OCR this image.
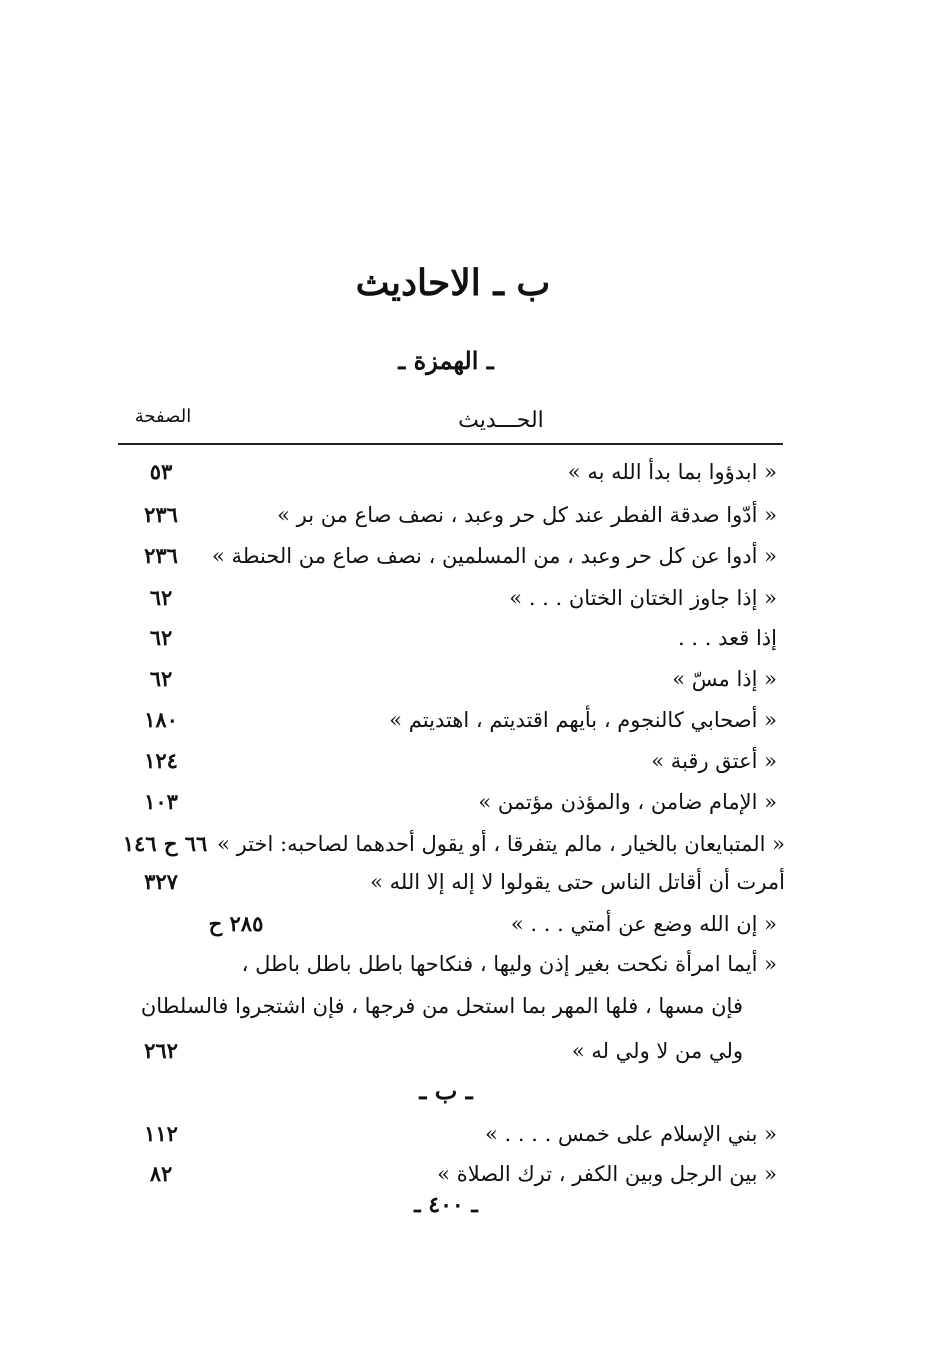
ب ـ الاحاديث
ـ الهمزة ـ
الصفحة	الحـــديث
« ابدؤوا بما بدأ الله به »
٥٣
« أدّوا صدقة الفطر عند كل حر وعبد ، نصف صاع من بر »
٢٣٦
« أدوا عن كل حر وعبد ، من المسلمين ، نصف صاع من الحنطة »
٢٣٦
« إذا جاوز الختان الختان . . . »
٦٢
إذا قعد . . .
٦٢
« إذا مسّ »
٦٢
« أصحابي كالنجوم ، بأيهم اقتديتم ، اهتديتم »
١٨٠
« أعتق رقبة »
١٢٤
« الإمام ضامن ، والمؤذن مؤتمن »
١٠٣
« المتبايعان بالخيار ، مالم يتفرقا ، أو يقول أحدهما لصاحبه: اختر »
٦٦ ح ١٤٦
أمرت أن أقاتل الناس حتى يقولوا لا إله إلا الله »
٣٢٧
« إن الله وضع عن أمتي . . . »
٢٨٥ ح
« أيما امرأة نكحت بغير إذن وليها ، فنكاحها باطل باطل باطل ،
فإن مسها ، فلها المهر بما استحل من فرجها ، فإن اشتجروا فالسلطان
ولي من لا ولي له »
٢٦٢
ـ ب ـ
« بني الإسلام على خمس . . . . »
١١٢
« بين الرجل وبين الكفر ، ترك الصلاة »
٨٢
ـ ٤٠٠ ـ
